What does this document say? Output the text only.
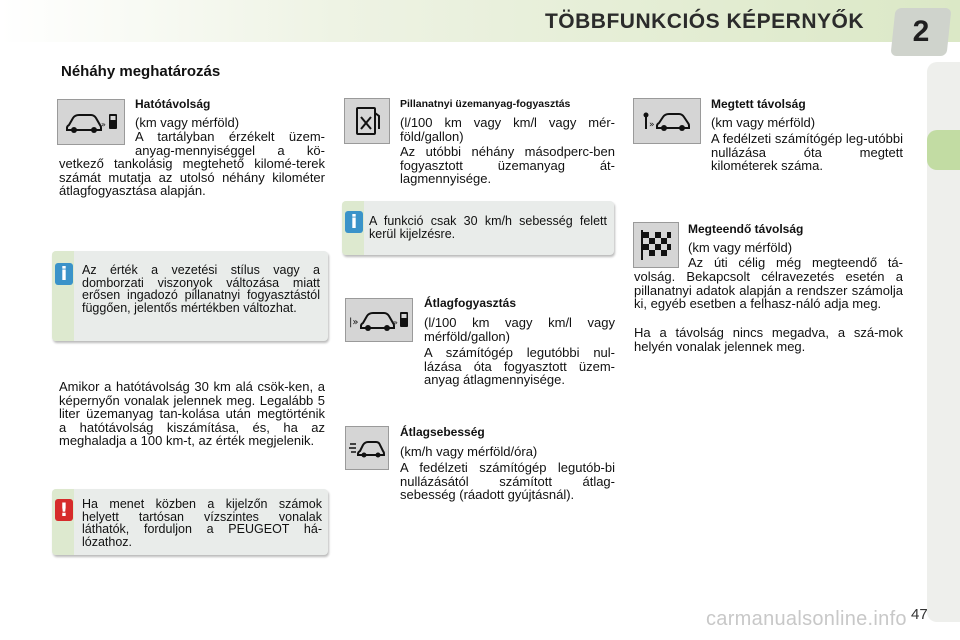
TÖBBFUNKCIÓS KÉPERNYŐK	2
Néháhy meghatározás
»
Hatótávolság
(km vagy mérföld)
A tartályban érzékelt üzem-
anyag-mennyiséggel a kö-
vetkező tankolásig megtehető kilomé-terek számát mutatja az utolsó néhány kilométer átlagfogyasztása alapján.
i	Az érték a vezetési stílus vagy a domborzati viszonyok változása miatt erősen ingadozó pillanatnyi fogyasztástól függően, jelentős mértékben változhat.
Amikor a hatótávolság 30 km alá csök-ken, a képernyőn vonalak jelennek meg. Legalább 5 liter üzemanyag tan-kolása után megtörténik a hatótávolság kiszámítása, és, ha az meghaladja a 100 km-t, az érték megjelenik.
!	Ha menet közben a kijelzőn számok helyett tartósan vízszintes vonalak láthatók, forduljon a PEUGEOT há-lózathoz.
Pillanatnyi üzemanyag-fogyasztás
(l/100 km vagy km/l vagy mér-föld/gallon)
Az utóbbi néhány másodperc-ben fogyasztott üzemanyag át-lagmennyisége.
i A funkció csak 30 km/h sebesség felett kerül kijelzésre.
|»	»
Átlagfogyasztás
(l/100 km vagy km/l vagy mérföld/gallon)
A számítógép legutóbbi nul-lázása óta fogyasztott üzem-anyag átlagmennyisége.
Átlagsebesség
(km/h vagy mérföld/óra)
A fedélzeti számítógép legutób-bi nullázásától számított átlag-sebesség (ráadott gyújtásnál).
»
Megtett távolság
(km vagy mérföld)
A fedélzeti számítógép leg-utóbbi nullázása óta megtett kilométerek száma.
Megteendő távolság
(km vagy mérföld)
Az úti célig még megteendő tá-
volság. Bekapcsolt célravezetés esetén a pillanatnyi adatok alapján a rendszer számolja ki, egyéb esetben a felhasz-náló adja meg.
Ha a távolság nincs megadva, a szá-mok helyén vonalak jelennek meg.
carmanualsonline.info 47
